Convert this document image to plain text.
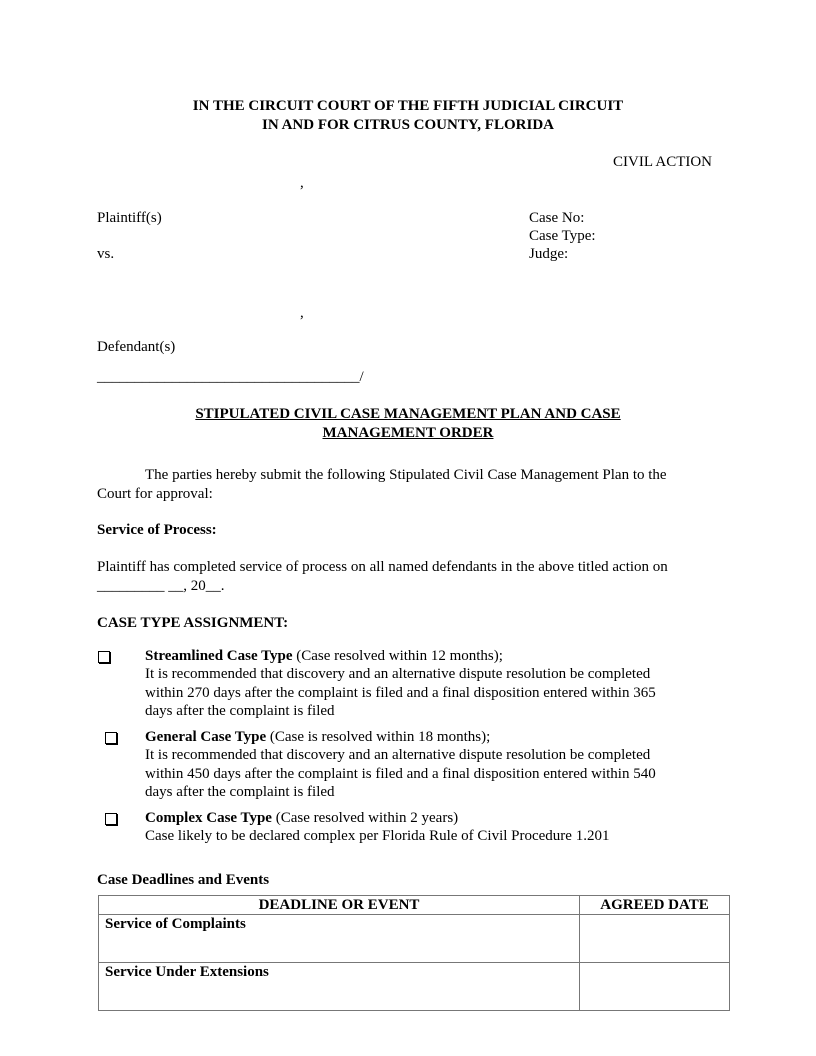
IN THE CIRCUIT COURT OF THE FIFTH JUDICIAL CIRCUIT
IN AND FOR CITRUS COUNTY, FLORIDA
CIVIL ACTION
,
Plaintiff(s)
vs.
Case No:
Case Type:
Judge:
,
Defendant(s)
___________________________________/
STIPULATED CIVIL CASE MANAGEMENT PLAN AND CASE
MANAGEMENT ORDER
The parties hereby submit the following Stipulated Civil Case Management Plan to the
Court for approval:
Service of Process:
Plaintiff has completed service of process on all named defendants in the above titled action on
_________ __, 20__.
CASE TYPE ASSIGNMENT:
Streamlined Case Type (Case resolved within 12 months);
It is recommended that discovery and an alternative dispute resolution be completed
within 270 days after the complaint is filed and a final disposition entered within 365
days after the complaint is filed
General Case Type (Case is resolved within 18 months);
It is recommended that discovery and an alternative dispute resolution be completed
within 450 days after the complaint is filed and a final disposition entered within 540
days after the complaint is filed
Complex Case Type (Case resolved within 2 years)
Case likely to be declared complex per Florida Rule of Civil Procedure 1.201
Case Deadlines and Events
DEADLINE OR EVENT	AGREED DATE
Service of Complaints	
Service Under Extensions	
